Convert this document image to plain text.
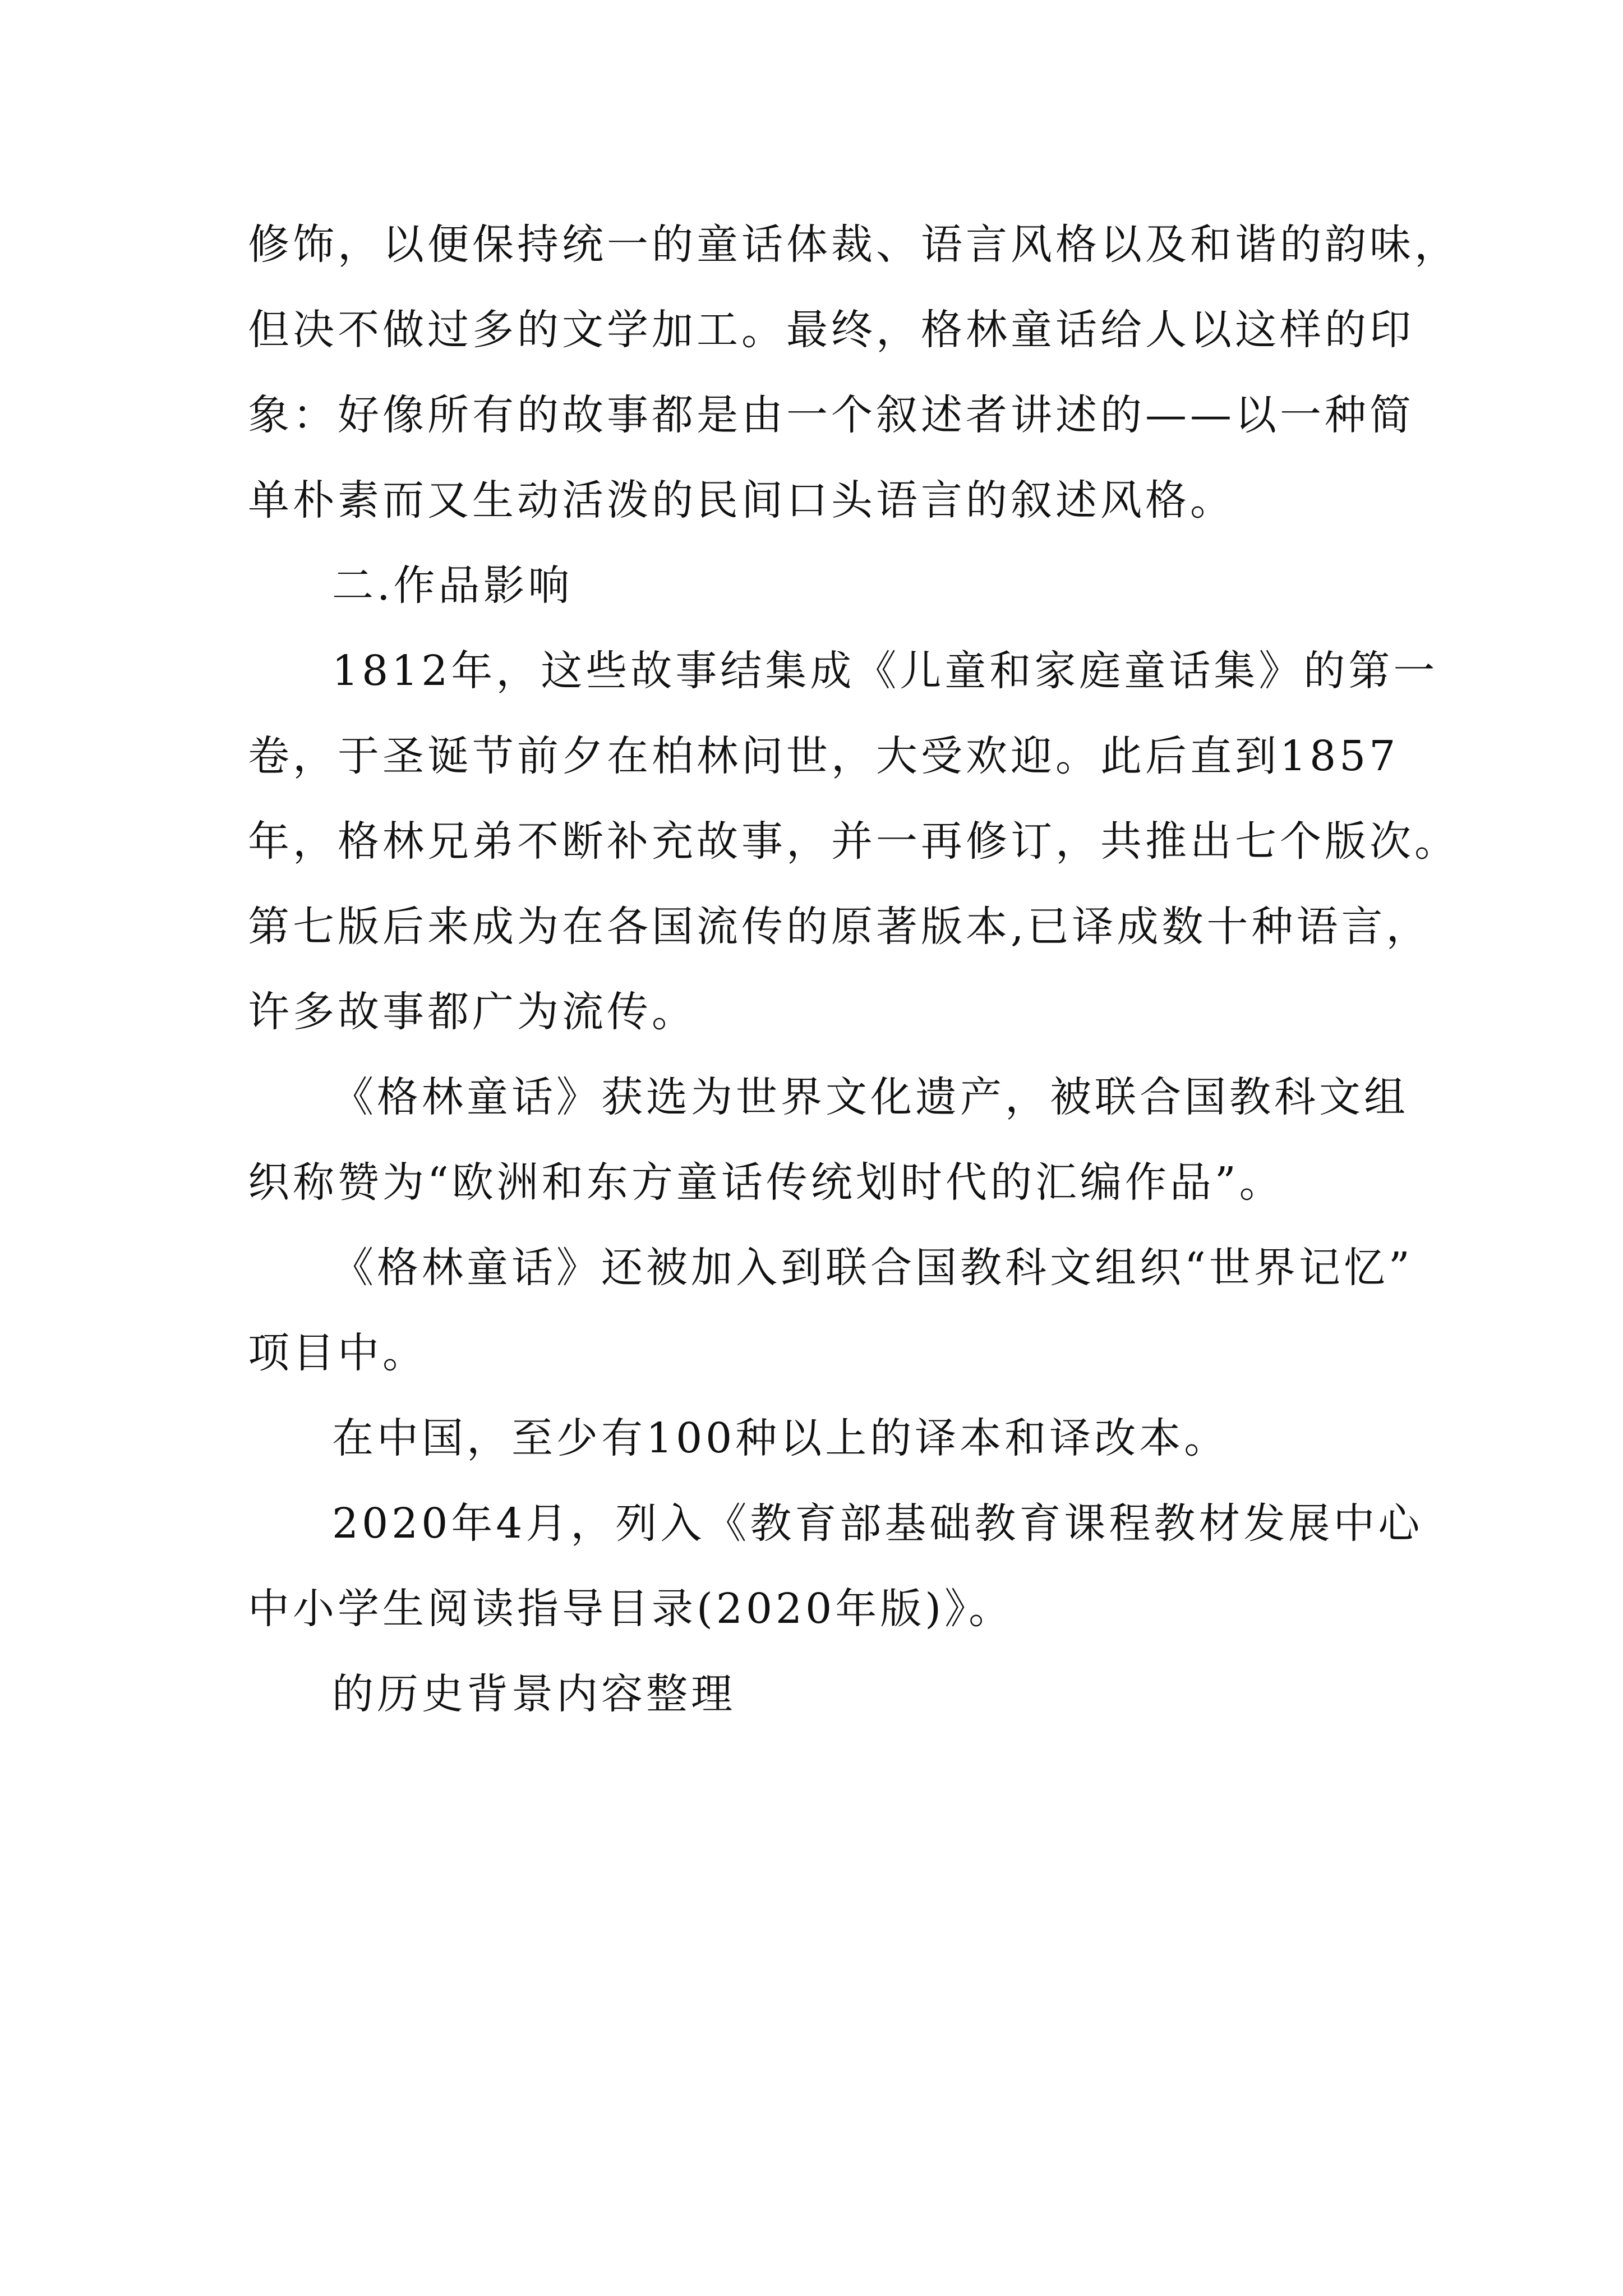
修饰，以便保持统一的童话体裁、语言风格以及和谐的韵味，
但决不做过多的文学加工。最终，格林童话给人以这样的印
象：好像所有的故事都是由一个叙述者讲述的——以一种简
单朴素而又生动活泼的民间口头语言的叙述风格。
二.作品影响
1812年，这些故事结集成《儿童和家庭童话集》的第一
卷，于圣诞节前夕在柏林问世，大受欢迎。此后直到1857
年，格林兄弟不断补充故事，并一再修订，共推出七个版次。
第七版后来成为在各国流传的原著版本,已译成数十种语言，
许多故事都广为流传。
《格林童话》获选为世界文化遗产，被联合国教科文组
织称赞为“欧洲和东方童话传统划时代的汇编作品”。
《格林童话》还被加入到联合国教科文组织“世界记忆”
项目中。
在中国，至少有100种以上的译本和译改本。
2020年4月，列入《教育部基础教育课程教材发展中心
中小学生阅读指导目录(2020年版)》。
的历史背景内容整理
